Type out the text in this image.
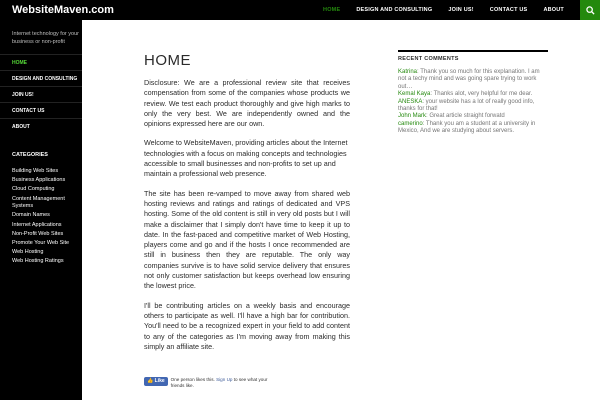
WebsiteMaven.com	HOME	DESIGN AND CONSULTING	JOIN US!	CONTACT US	ABOUT
Internet technology for your business or non-profit
HOME
DESIGN AND CONSULTING
JOIN US!
CONTACT US
ABOUT
CATEGORIES
Building Web Sites
Business Applications
Cloud Computing
Content Management Systems
Domain Names
Internet Applications
Non-Profit Web Sites
Promote Your Web Site
Web Hosting
Web Hosting Ratings
HOME

Disclosure: We are a professional review site that receives compensation from some of the companies whose products we review. We test each product thoroughly and give high marks to only the very best. We are independently owned and the opinions expressed here are our own.

Welcome to WebsiteMaven, providing articles about the Internet technologies with a focus on making concepts and technologies accessible to small businesses and non-profits to set up and maintain a professional web presence.

The site has been re-vamped to move away from shared web hosting reviews and ratings and ratings of dedicated and VPS hosting. Some of the old content is still in very old posts but I will make a disclaimer that I simply don't have time to keep it up to date. In the fast-paced and competitive market of Web Hosting, players come and go and if the hosts I once recommended are still in business then they are reputable. The only way companies survive is to have solid service delivery that ensures not only customer satisfaction but keeps overhead low ensuring the lowest price.

I'll be contributing articles on a weekly basis and encourage others to participate as well. I'll have a high bar for contribution. You'll need to be a recognized expert in your field to add content to any of the categories as I'm moving away from making this simply an affiliate site.

👍 Like	One person likes this. Sign Up to see what your friends like.
RECENT COMMENTS
Katrina: Thank you so much for this explanation. I am not a techy mind and was going spare trying to work out…
Kemal Kaya: Thanks alot, very helpful for me dear.
ANESKA: your website has a lot of really good info, thanks for that!
John Mark: Great article straight forwatd
camerino: Thank you am a student at a university in Mexico, And we are studying about servers.
